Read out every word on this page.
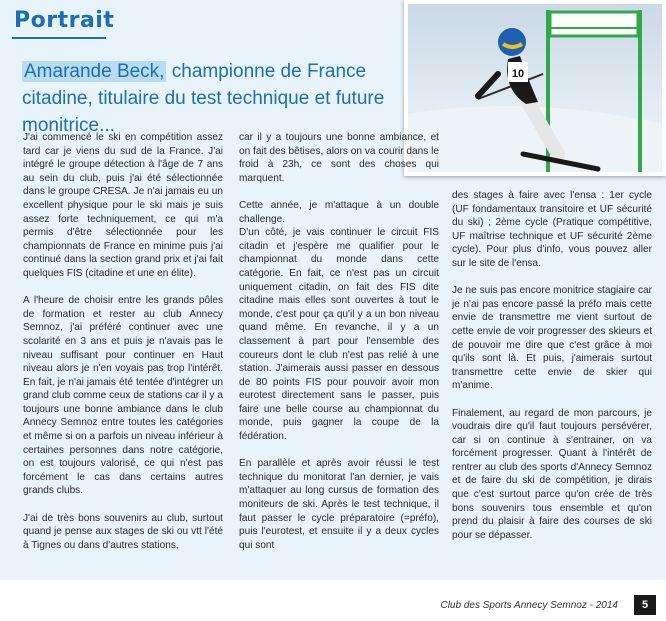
Portrait
Amarande Beck, championne de France citadine, titulaire du test technique et future monitrice...
10

J'ai commencé le ski en compétition assez tard car je viens du sud de la France. J'ai intégré le groupe détection à l'âge de 7 ans au sein du club, puis j'ai été sélectionnée dans le groupe CRESA. Je n'ai jamais eu un excellent physique pour le ski mais je suis assez forte techniquement, ce qui m'a permis d'être sélectionnée pour les championnats de France en minime puis j'ai continué dans la section grand prix et j'ai fait quelques FIS (citadine et une en élite).

A l'heure de choisir entre les grands pôles de formation et rester au club Annecy Semnoz, j'ai préféré continuer avec une scolarité en 3 ans et puis je n'avais pas le niveau suffisant pour continuer en Haut niveau alors je n'en voyais pas trop l'intérêt. En fait, je n'ai jamais été tentée d'intégrer un grand club comme ceux de stations car il y a toujours une bonne ambiance dans le club Annecy Semnoz entre toutes les catégories et même si on a parfois un niveau inférieur à certaines personnes dans notre catégorie, on est toujours valorisé, ce qui n'est pas forcément le cas dans certains autres grands clubs.

J'ai de très bons souvenirs au club, surtout quand je pense aux stages de ski ou vtt l'été à Tignes ou dans d'autres stations,

car il y a toujours une bonne ambiance, et on fait des bêtises, alors on va courir dans le froid à 23h, ce sont des choses qui marquent.

Cette année, je m'attaque à un double challenge.

D'un côté, je vais continuer le circuit FIS citadin et j'espère me qualifier pour le championnat du monde dans cette catégorie. En fait, ce n'est pas un circuit uniquement citadin, on fait des FIS dite citadine mais elles sont ouvertes à tout le monde, c'est pour ça qu'il y a un bon niveau quand même. En revanche, il y a un classement à part pour l'ensemble des coureurs dont le club n'est pas relié à une station. J'aimerais aussi passer en dessous de 80 points FIS pour pouvoir avoir mon eurotest directement sans le passer, puis faire une belle course au championnat du monde, puis gagner la coupe de la fédération.

En parallèle et après avoir réussi le test technique du monitorat l'an dernier, je vais m'attaquer au long cursus de formation des moniteurs de ski. Après le test technique, il faut passer le cycle préparatoire (=préfo), puis l'eurotest, et ensuite il y a deux cycles qui sont

des stages à faire avec l'ensa : 1er cycle (UF fondamentaux transitoire et UF sécurité du ski) ; 2ème cycle (Pratique compétitive, UF maîtrise technique et UF sécurité 2ème cycle). Pour plus d'info, vous pouvez aller sur le site de l'ensa.

Je ne suis pas encore monitrice stagiaire car je n'ai pas encore passé la préfo mais cette envie de transmettre me vient surtout de cette envie de voir progresser des skieurs et de pouvoir me dire que c'est grâce à moi qu'ils sont là. Et puis, j'aimerais surtout transmettre cette envie de skier qui m'anime.

Finalement, au regard de mon parcours, je voudrais dire qu'il faut toujours persévérer, car si on continue à s'entrainer, on va forcément progresser. Quant à l'intérêt de rentrer au club des sports d'Annecy Semnoz et de faire du ski de compétition, je dirais que c'est surtout parce qu'on crée de très bons souvenirs tous ensemble et qu'on prend du plaisir à faire des courses de ski pour se dépasser.

Club des Sports Annecy Semnoz - 2014	5
